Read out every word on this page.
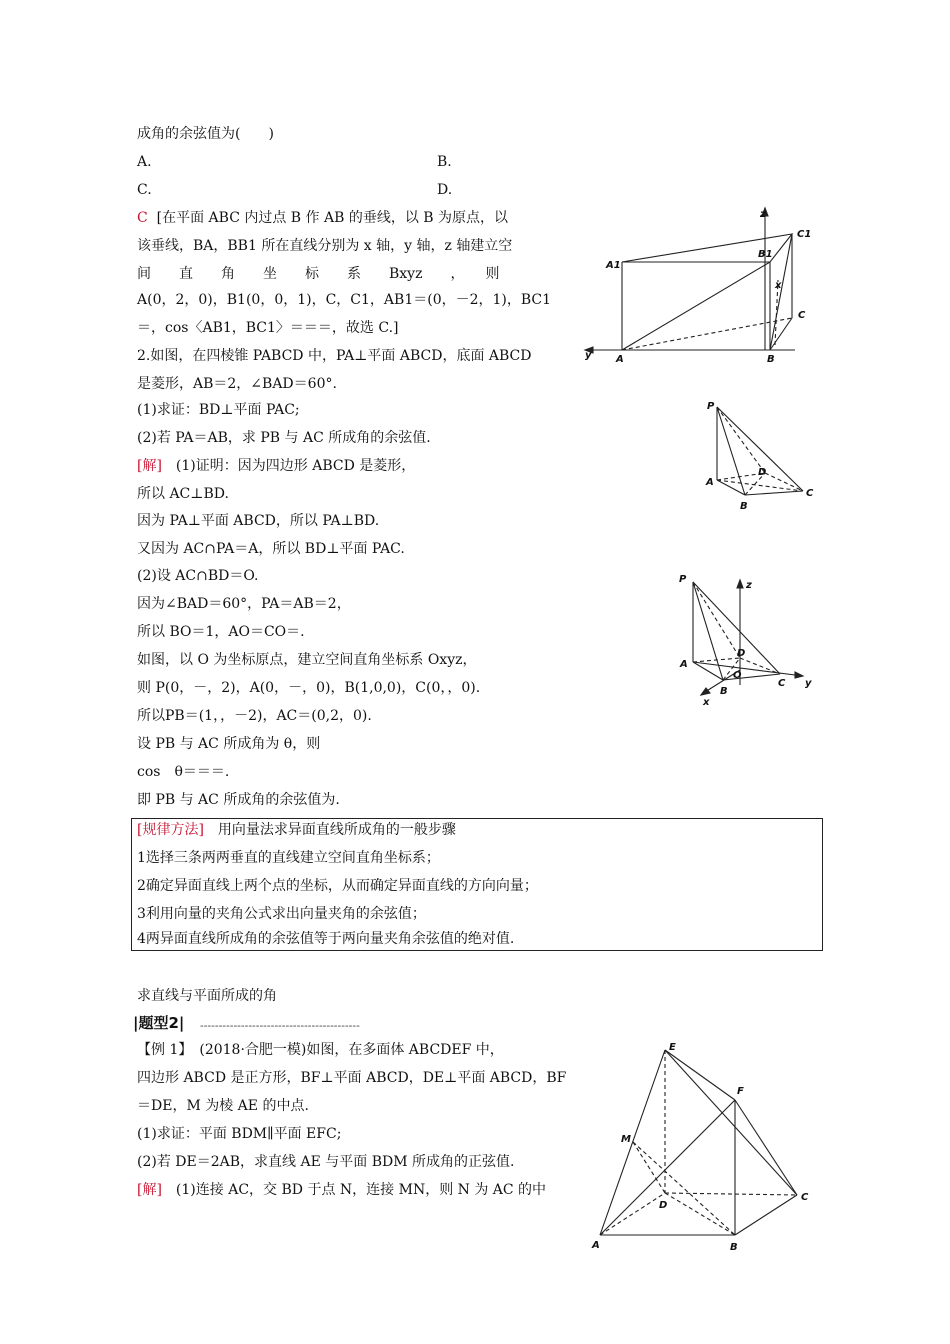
成角的余弦值为(　　)
A.	B.
C.	D.
C [在平面 ABC 内过点 B 作 AB 的垂线，以 B 为原点，以
该垂线，BA，BB1 所在直线分别为 x 轴，y 轴，z 轴建立空
间　　直　　角　　坐　　标　　系　　Bxyz　　，　　则
A(0，2，0)，B1(0，0，1)，C，C1，AB1＝(0，－2，1)，BC1
＝，cos〈AB1，BC1〉＝＝＝，故选 C.]
z
C1
B1
A1
x
C
y A	B
2.如图，在四棱锥 PABCD 中，PA⊥平面 ABCD，底面 ABCD
是菱形，AB＝2，∠BAD＝60°.
(1)求证：BD⊥平面 PAC;
(2)若 PA＝AB，求 PB 与 AC 所成角的余弦值.
[解]　(1)证明：因为四边形 ABCD 是菱形，
所以 AC⊥BD.
因为 PA⊥平面 ABCD，所以 PA⊥BD.
又因为 AC∩PA＝A，所以 BD⊥平面 PAC.
(2)设 AC∩BD＝O.
因为∠BAD＝60°，PA＝AB＝2，
所以 BO＝1，AO＝CO＝.
如图，以 O 为坐标原点，建立空间直角坐标系 Oxyz，
则 P(0，－，2)，A(0，－，0)，B(1,0,0)，C(0，，0).
所以PB＝(1，，－2)，AC＝(0,2，0).
设 PB 与 AC 所成角为 θ，则
cos　θ＝＝＝.
即 PB 与 AC 所成角的余弦值为.
P
D
A
C
B
P
z
D
A
O
C y
B
x
[规律方法]　用向量法求异面直线所成角的一般步骤
1选择三条两两垂直的直线建立空间直角坐标系；
2确定异面直线上两个点的坐标，从而确定异面直线的方向向量；
3利用向量的夹角公式求出向量夹角的余弦值；
4两异面直线所成角的余弦值等于两向量夹角余弦值的绝对值.
求直线与平面所成的角
|题型2| -------------------------------------------
【例 1】　(2018·合肥一模)如图，在多面体 ABCDEF 中，
四边形 ABCD 是正方形，BF⊥平面 ABCD，DE⊥平面 ABCD，BF
＝DE，M 为棱 AE 的中点.
(1)求证：平面 BDM∥平面 EFC;
(2)若 DE＝2AB，求直线 AE 与平面 BDM 所成角的正弦值.
[解]　(1)连接 AC，交 BD 于点 N，连接 MN，则 N 为 AC 的中
E
F
M
D
C
A	B
